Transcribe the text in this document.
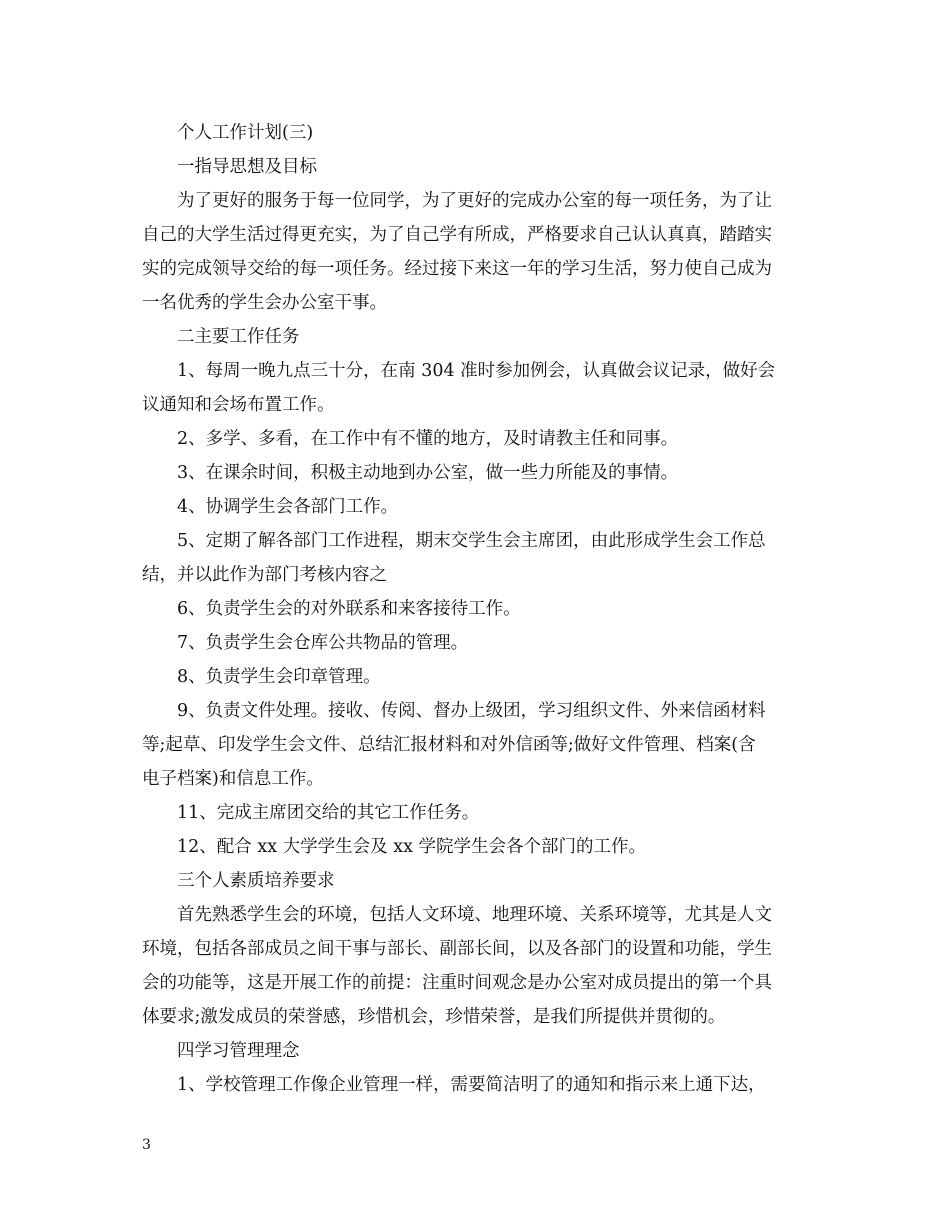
个人工作计划(三)
一指导思想及目标
为了更好的服务于每一位同学，为了更好的完成办公室的每一项任务，为了让
自己的大学生活过得更充实，为了自己学有所成，严格要求自己认认真真，踏踏实
实的完成领导交给的每一项任务。经过接下来这一年的学习生活，努力使自己成为
一名优秀的学生会办公室干事。
二主要工作任务
1、每周一晚九点三十分，在南 304 准时参加例会，认真做会议记录，做好会
议通知和会场布置工作。
2、多学、多看，在工作中有不懂的地方，及时请教主任和同事。
3、在课余时间，积极主动地到办公室，做一些力所能及的事情。
4、协调学生会各部门工作。
5、定期了解各部门工作进程，期末交学生会主席团，由此形成学生会工作总
结，并以此作为部门考核内容之
6、负责学生会的对外联系和来客接待工作。
7、负责学生会仓库公共物品的管理。
8、负责学生会印章管理。
9、负责文件处理。接收、传阅、督办上级团，学习组织文件、外来信函材料
等;起草、印发学生会文件、总结汇报材料和对外信函等;做好文件管理、档案(含
电子档案)和信息工作。
11、完成主席团交给的其它工作任务。
12、配合 xx 大学学生会及 xx 学院学生会各个部门的工作。
三个人素质培养要求
首先熟悉学生会的环境，包括人文环境、地理环境、关系环境等，尤其是人文
环境，包括各部成员之间干事与部长、副部长间，以及各部门的设置和功能，学生
会的功能等，这是开展工作的前提：注重时间观念是办公室对成员提出的第一个具
体要求;激发成员的荣誉感，珍惜机会，珍惜荣誉，是我们所提供并贯彻的。
四学习管理理念
1、学校管理工作像企业管理一样，需要简洁明了的通知和指示来上通下达，
3
